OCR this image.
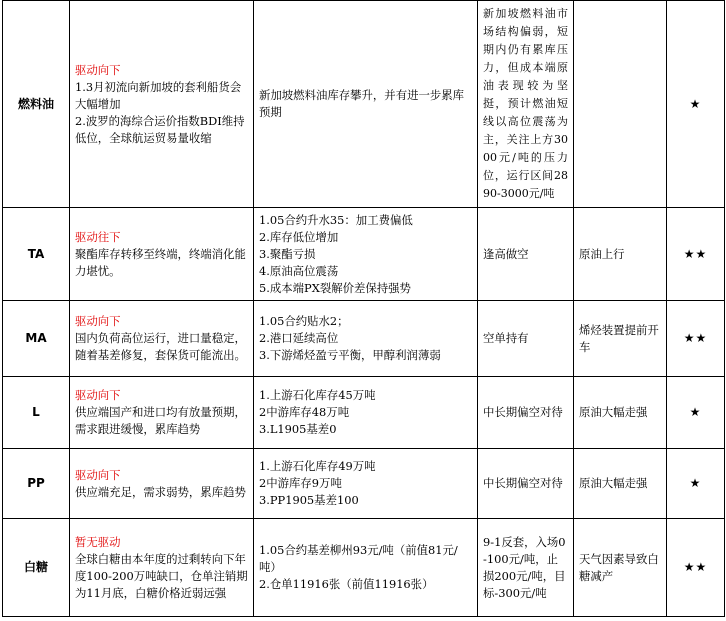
燃料油	驱动向下
1.3月初流向新加坡的套利船货会大幅增加
2.波罗的海综合运价指数BDI维持低位，全球航运贸易量收缩	新加坡燃料油库存攀升，并有进一步累库预期	新加坡燃料油市场结构偏弱，短期内仍有累库压力，但成本端原油表现较为坚挺，预计燃油短线以高位震荡为主，关注上方3000元/吨的压力位，运行区间2890-3000元/吨		★
TA	驱动往下
聚酯库存转移至终端，终端消化能力堪忧。	1.05合约升水35：加工费偏低
2.库存低位增加
3.聚酯亏损
4.原油高位震荡
5.成本端PX裂解价差保持强势	逢高做空	原油上行	★★
MA	驱动向下
国内负荷高位运行，进口量稳定，随着基差修复，套保货可能流出。	1.05合约贴水2；
2.港口延续高位
3.下游烯烃盈亏平衡，甲醇利润薄弱	空单持有	烯烃装置提前开车	★★
L	驱动向下
供应端国产和进口均有放量预期，需求跟进缓慢，累库趋势	1.上游石化库存45万吨
2中游库存48万吨
3.L1905基差0	中长期偏空对待	原油大幅走强	★
PP	驱动向下
供应端充足，需求弱势，累库趋势	1.上游石化库存49万吨
2中游库存9万吨
3.PP1905基差100	中长期偏空对待	原油大幅走强	★
白糖	暂无驱动
全球白糖由本年度的过剩转向下年度100-200万吨缺口，仓单注销期为11月底，白糖价格近弱远强	1.05合约基差柳州93元/吨（前值81元/吨）
2.仓单11916张（前值11916张）	9-1反套，入场0-100元/吨，止损200元/吨，目标-300元/吨	天气因素导致白糖减产	★★
